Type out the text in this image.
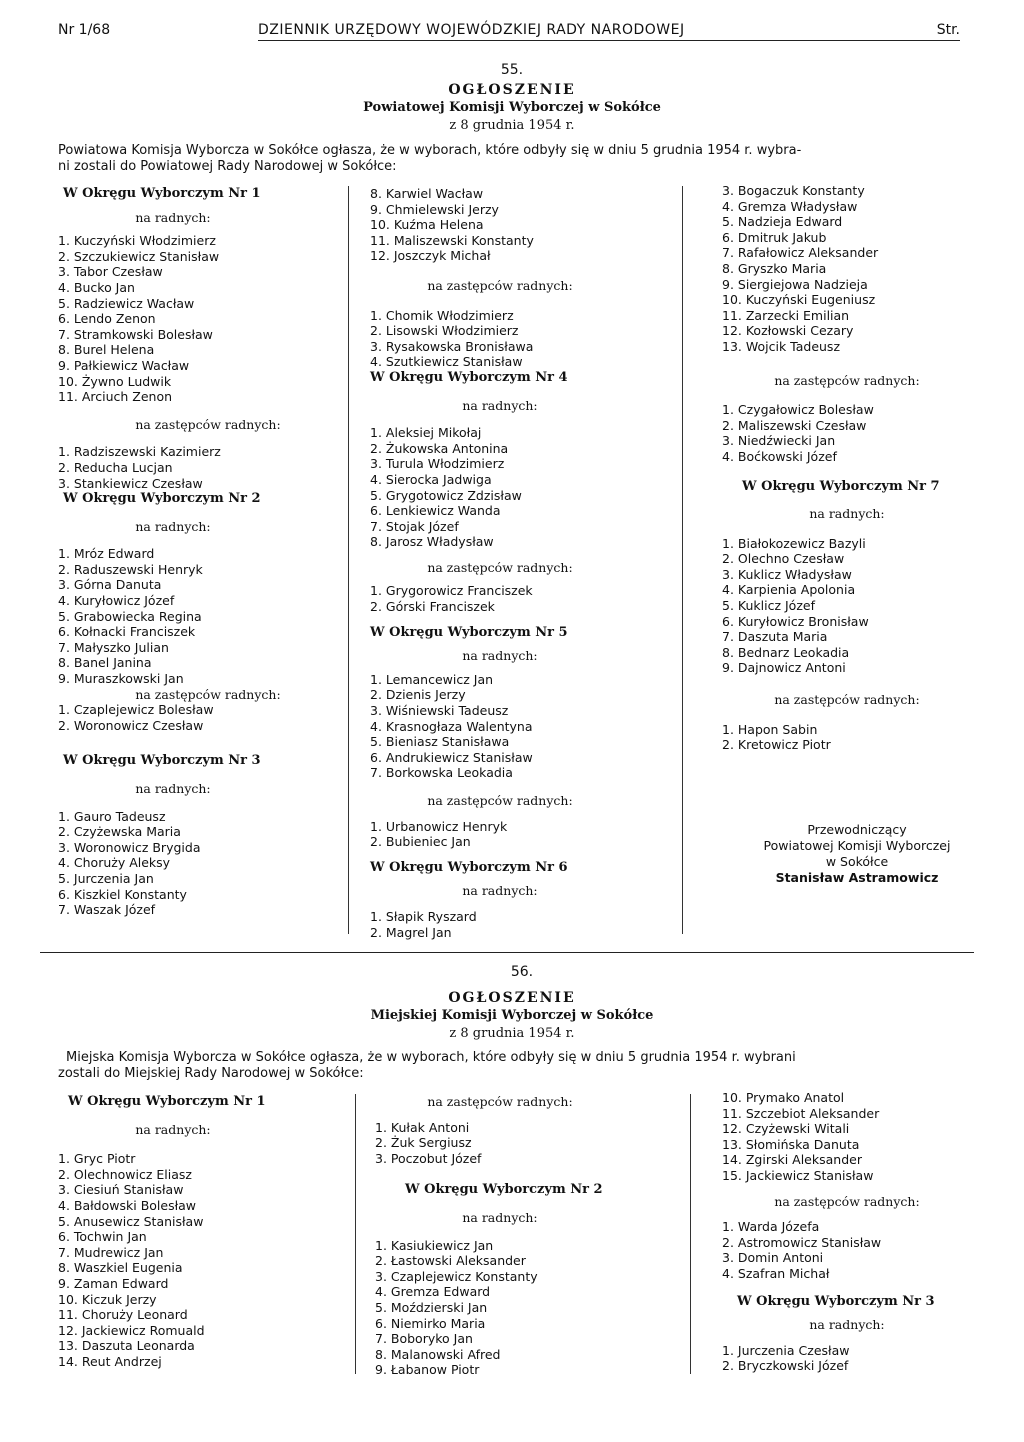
Nr 1/68	DZIENNIK URZĘDOWY WOJEWÓDZKIEJ RADY NARODOWEJ	Str.
55.
OGŁOSZENIE
Powiatowej Komisji Wyborczej w Sokółce
z 8 grudnia 1954 r.
Powiatowa Komisja Wyborcza w Sokółce ogłasza, że w wyborach, które odbyły się w dniu 5 grudnia 1954 r. wybra-
ni zostali do Powiatowej Rady Narodowej w Sokółce:
W Okręgu Wyborczym Nr 1
na radnych:
1. Kuczyński Włodzimierz
2. Szczukiewicz Stanisław
3. Tabor Czesław
4. Bucko Jan
5. Radziewicz Wacław
6. Lendo Zenon
7. Stramkowski Bolesław
8. Burel Helena
9. Pałkiewicz Wacław
10. Żywno Ludwik
11. Arciuch Zenon
na zastępców radnych:
1. Radziszewski Kazimierz
2. Reducha Lucjan
3. Stankiewicz Czesław
W Okręgu Wyborczym Nr 2
na radnych:
1. Mróz Edward
2. Raduszewski Henryk
3. Górna Danuta
4. Kuryłowicz Józef
5. Grabowiecka Regina
6. Kołnacki Franciszek
7. Małyszko Julian
8. Banel Janina
9. Muraszkowski Jan
na zastępców radnych:
1. Czaplejewicz Bolesław
2. Woronowicz Czesław
W Okręgu Wyborczym Nr 3
na radnych:
1. Gauro Tadeusz
2. Czyżewska Maria
3. Woronowicz Brygida
4. Chorużу Aleksy
5. Jurczenia Jan
6. Kiszkiel Konstanty
7. Waszak Józef
8. Karwiel Wacław
9. Chmielewski Jerzy
10. Kuźma Helena
11. Maliszewski Konstanty
12. Joszczyk Michał
na zastępców radnych:
1. Chomik Włodzimierz
2. Lisowski Włodzimierz
3. Rysakowska Bronisława
4. Szutkiewicz Stanisław
W Okręgu Wyborczym Nr 4
na radnych:
1. Aleksiej Mikołaj
2. Żukowska Antonina
3. Turula Włodzimierz
4. Sierocka Jadwiga
5. Grygotowicz Zdzisław
6. Lenkiewicz Wanda
7. Stojak Józef
8. Jarosz Władysław
na zastępców radnych:
1. Grygorowicz Franciszek
2. Górski Franciszek
W Okręgu Wyborczym Nr 5
na radnych:
1. Lemancewicz Jan
2. Dzienis Jerzy
3. Wiśniewski Tadeusz
4. Krasnogłaza Walentyna
5. Bieniasz Stanisława
6. Andrukiewicz Stanisław
7. Borkowska Leokadia
na zastępców radnych:
1. Urbanowicz Henryk
2. Bubieniec Jan
W Okręgu Wyborczym Nr 6
na radnych:
1. Słapik Ryszard
2. Magrel Jan
3. Bogaczuk Konstanty
4. Gremza Władysław
5. Nadzieja Edward
6. Dmitruk Jakub
7. Rafałowicz Aleksander
8. Gryszko Maria
9. Siergiejowa Nadzieja
10. Kuczyński Eugeniusz
11. Zarzecki Emilian
12. Kozłowski Cezary
13. Wojcik Tadeusz
na zastępców radnych:
1. Czygałowicz Bolesław
2. Maliszewski Czesław
3. Niedźwiecki Jan
4. Boćkowski Józef
W Okręgu Wyborczym Nr 7
na radnych:
1. Białokozewicz Bazyli
2. Olechno Czesław
3. Kuklicz Władysław
4. Karpienia Apolonia
5. Kuklicz Józef
6. Kuryłowicz Bronisław
7. Daszuta Maria
8. Bednarz Leokadia
9. Dajnowicz Antoni
na zastępców radnych:
1. Hapon Sabin
2. Kretowicz Piotr
Przewodniczący
Powiatowej Komisji Wyborczej
w Sokółce
Stanisław Astramowicz
56.
OGŁOSZENIE
Miejskiej Komisji Wyborczej w Sokółce
z 8 grudnia 1954 r.
Miejska Komisja Wyborcza w Sokółce ogłasza, że w wyborach, które odbyły się w dniu 5 grudnia 1954 r. wybrani
zostali do Miejskiej Rady Narodowej w Sokółce:
W Okręgu Wyborczym Nr 1
na radnych:
1. Gryc Piotr
2. Olechnowicz Eliasz
3. Ciesiuń Stanisław
4. Bałdowski Bolesław
5. Anusewicz Stanisław
6. Tochwin Jan
7. Mudrewicz Jan
8. Waszkiel Eugenia
9. Zaman Edward
10. Kiczuk Jerzy
11. Chorużу Leonard
12. Jackiewicz Romuald
13. Daszuta Leonarda
14. Reut Andrzej
na zastępców radnych:
1. Kułak Antoni
2. Żuk Sergiusz
3. Poczobut Józef
W Okręgu Wyborczym Nr 2
na radnych:
1. Kasiukiewicz Jan
2. Łastowski Aleksander
3. Czaplejewicz Konstanty
4. Gremza Edward
5. Moździerski Jan
6. Niemirko Maria
7. Boboryko Jan
8. Malanowski Afred
9. Łabanow Piotr
10. Prymako Anatol
11. Szczebiot Aleksander
12. Czyżewski Witali
13. Słomińska Danuta
14. Zgirski Aleksander
15. Jackiewicz Stanisław
na zastępców radnych:
1. Warda Józefa
2. Astromowicz Stanisław
3. Domin Antoni
4. Szafran Michał
W Okręgu Wyborczym Nr 3
na radnych:
1. Jurczenia Czesław
2. Bryczkowski Józef
